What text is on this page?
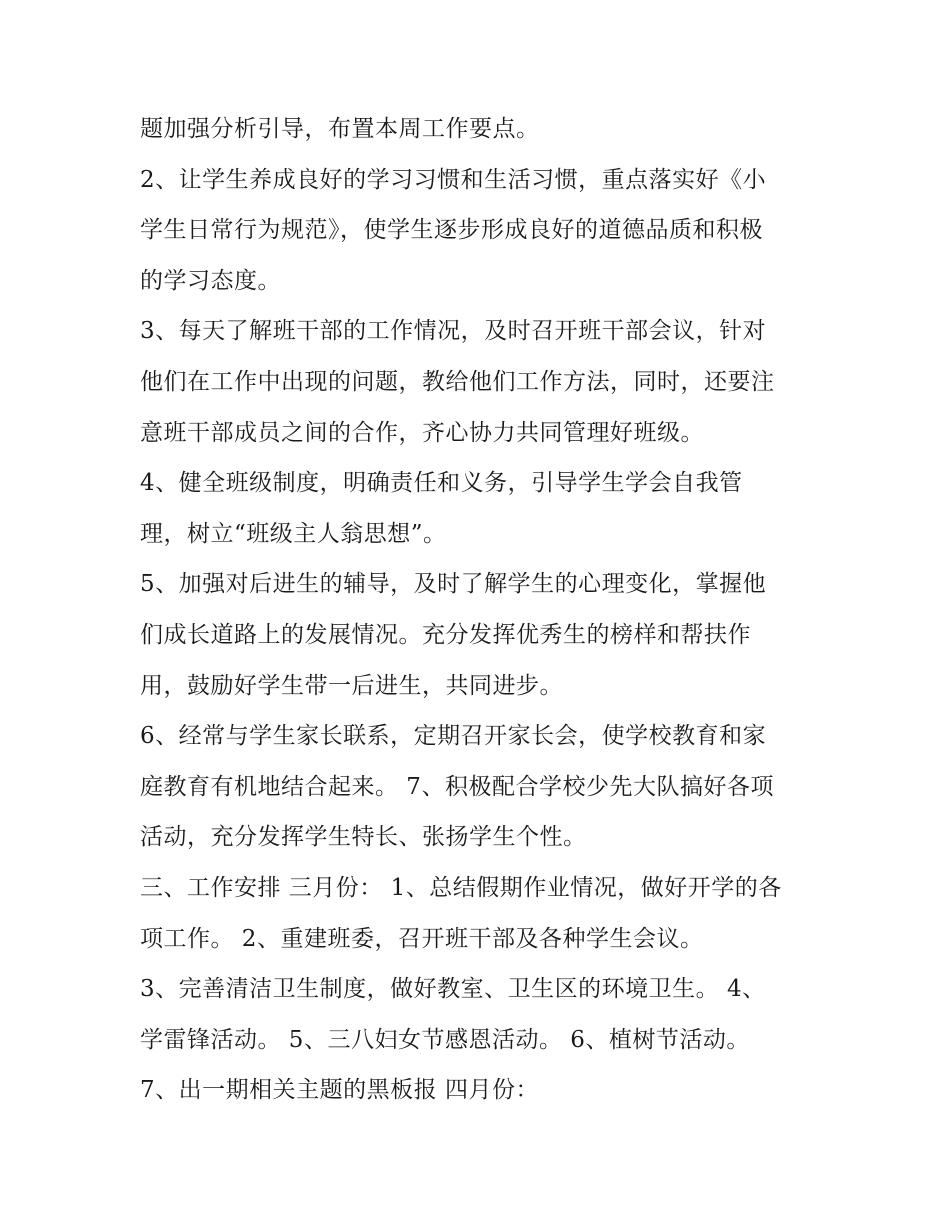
题加强分析引导，布置本周工作要点。
2、让学生养成良好的学习习惯和生活习惯，重点落实好《小
学生日常行为规范》，使学生逐步形成良好的道德品质和积极
的学习态度。
3、每天了解班干部的工作情况，及时召开班干部会议，针对
他们在工作中出现的问题，教给他们工作方法，同时，还要注
意班干部成员之间的合作，齐心协力共同管理好班级。
4、健全班级制度，明确责任和义务，引导学生学会自我管
理，树立“班级主人翁思想”。
5、加强对后进生的辅导，及时了解学生的心理变化，掌握他
们成长道路上的发展情况。充分发挥优秀生的榜样和帮扶作
用，鼓励好学生带一后进生，共同进步。
6、经常与学生家长联系，定期召开家长会，使学校教育和家
庭教育有机地结合起来。 7、积极配合学校少先大队搞好各项
活动，充分发挥学生特长、张扬学生个性。
三、工作安排 三月份： 1、总结假期作业情况，做好开学的各
项工作。 2、重建班委，召开班干部及各种学生会议。
3、完善清洁卫生制度，做好教室、卫生区的环境卫生。 4、
学雷锋活动。 5、三八妇女节感恩活动。 6、植树节活动。
7、出一期相关主题的黑板报 四月份：
